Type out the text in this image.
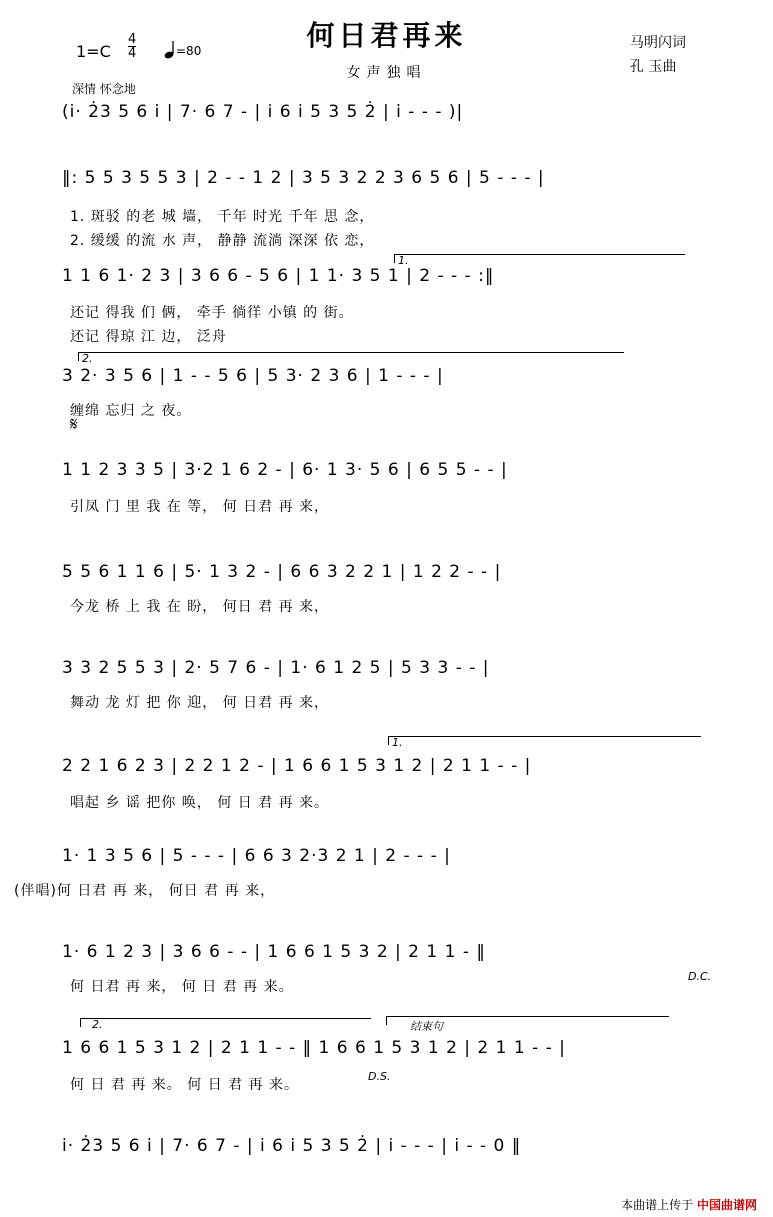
何日君再来
女声独唱
马明闪词
孔 玉曲
$1=C \frac{4}{4}$	=80
深情 怀念地
(i· 2̇3 5 6 i̇ | 7· 6 7 - | i 6 i̇ 5 3 5 2̇ | i - - - )|
‖: 5 5 3 5 5 3 | 2 - - 1 2 | 3 5 3 2 2 3 6 5 6 | 5 - - - |
1. 斑驳 的老 城 墙， 千年 时光 千年 思 念，
2. 缓缓 的流 水 声， 静静 流淌 深深 依 恋，
1.
1 1 6 1· 2 3 | 3 6 6 - 5 6 | 1 1· 3 5 1 | 2 - - - :‖
还记 得我 们 俩， 牵手 徜徉 小镇 的 街。
还记 得琼 江 边， 泛舟
2.
3 2· 3 5 6 | 1 - - 5 6 | 5 3· 2 3 6 | 1 - - - |
缠绵 忘归 之 夜。
𝄋
1 1 2 3 3 5 | 3·2 1 6 2 - | 6· 1 3· 5 6 | 6 5 5 - - |
引凤 门 里 我 在 等， 何 日君 再 来，
5 5 6 1 1 6 | 5· 1 3 2 - | 6 6 3 2 2 1 | 1 2 2 - - |
今龙 桥 上 我 在 盼， 何日 君 再 来，
3 3 2 5 5 3 | 2· 5 7 6 - | 1· 6 1 2 5 | 5 3 3 - - |
舞动 龙 灯 把 你 迎， 何 日君 再 来，
1.
2 2 1 6 2 3 | 2 2 1 2 - | 1 6 6 1 5 3 1 2 | 2 1 1 - - |
唱起 乡 谣 把你 唤， 何 日 君 再 来。
1· 1 3 5 6 | 5 - - - | 6 6 3 2·3 2 1 | 2 - - - |
(伴唱)何 日君 再 来， 何日 君 再 来，
1· 6 1 2 3 | 3 6 6 - - | 1 6 6 1 5 3 2 | 2 1 1 - ‖
何 日君 再 来， 何 日 君 再 来。
D.C.
2.	结束句
1 6 6 1 5 3 1 2 | 2 1 1 - - ‖ 1 6 6 1 5 3 1 2 | 2 1 1 - - |
D.S.
何 日 君 再 来。 何 日 君 再 来。
i· 2̇3 5 6 i̇ | 7· 6 7 - | i 6 i̇ 5 3 5 2̇ | i - - - | i - - 0 ‖
本曲谱上传于 中国曲谱网
